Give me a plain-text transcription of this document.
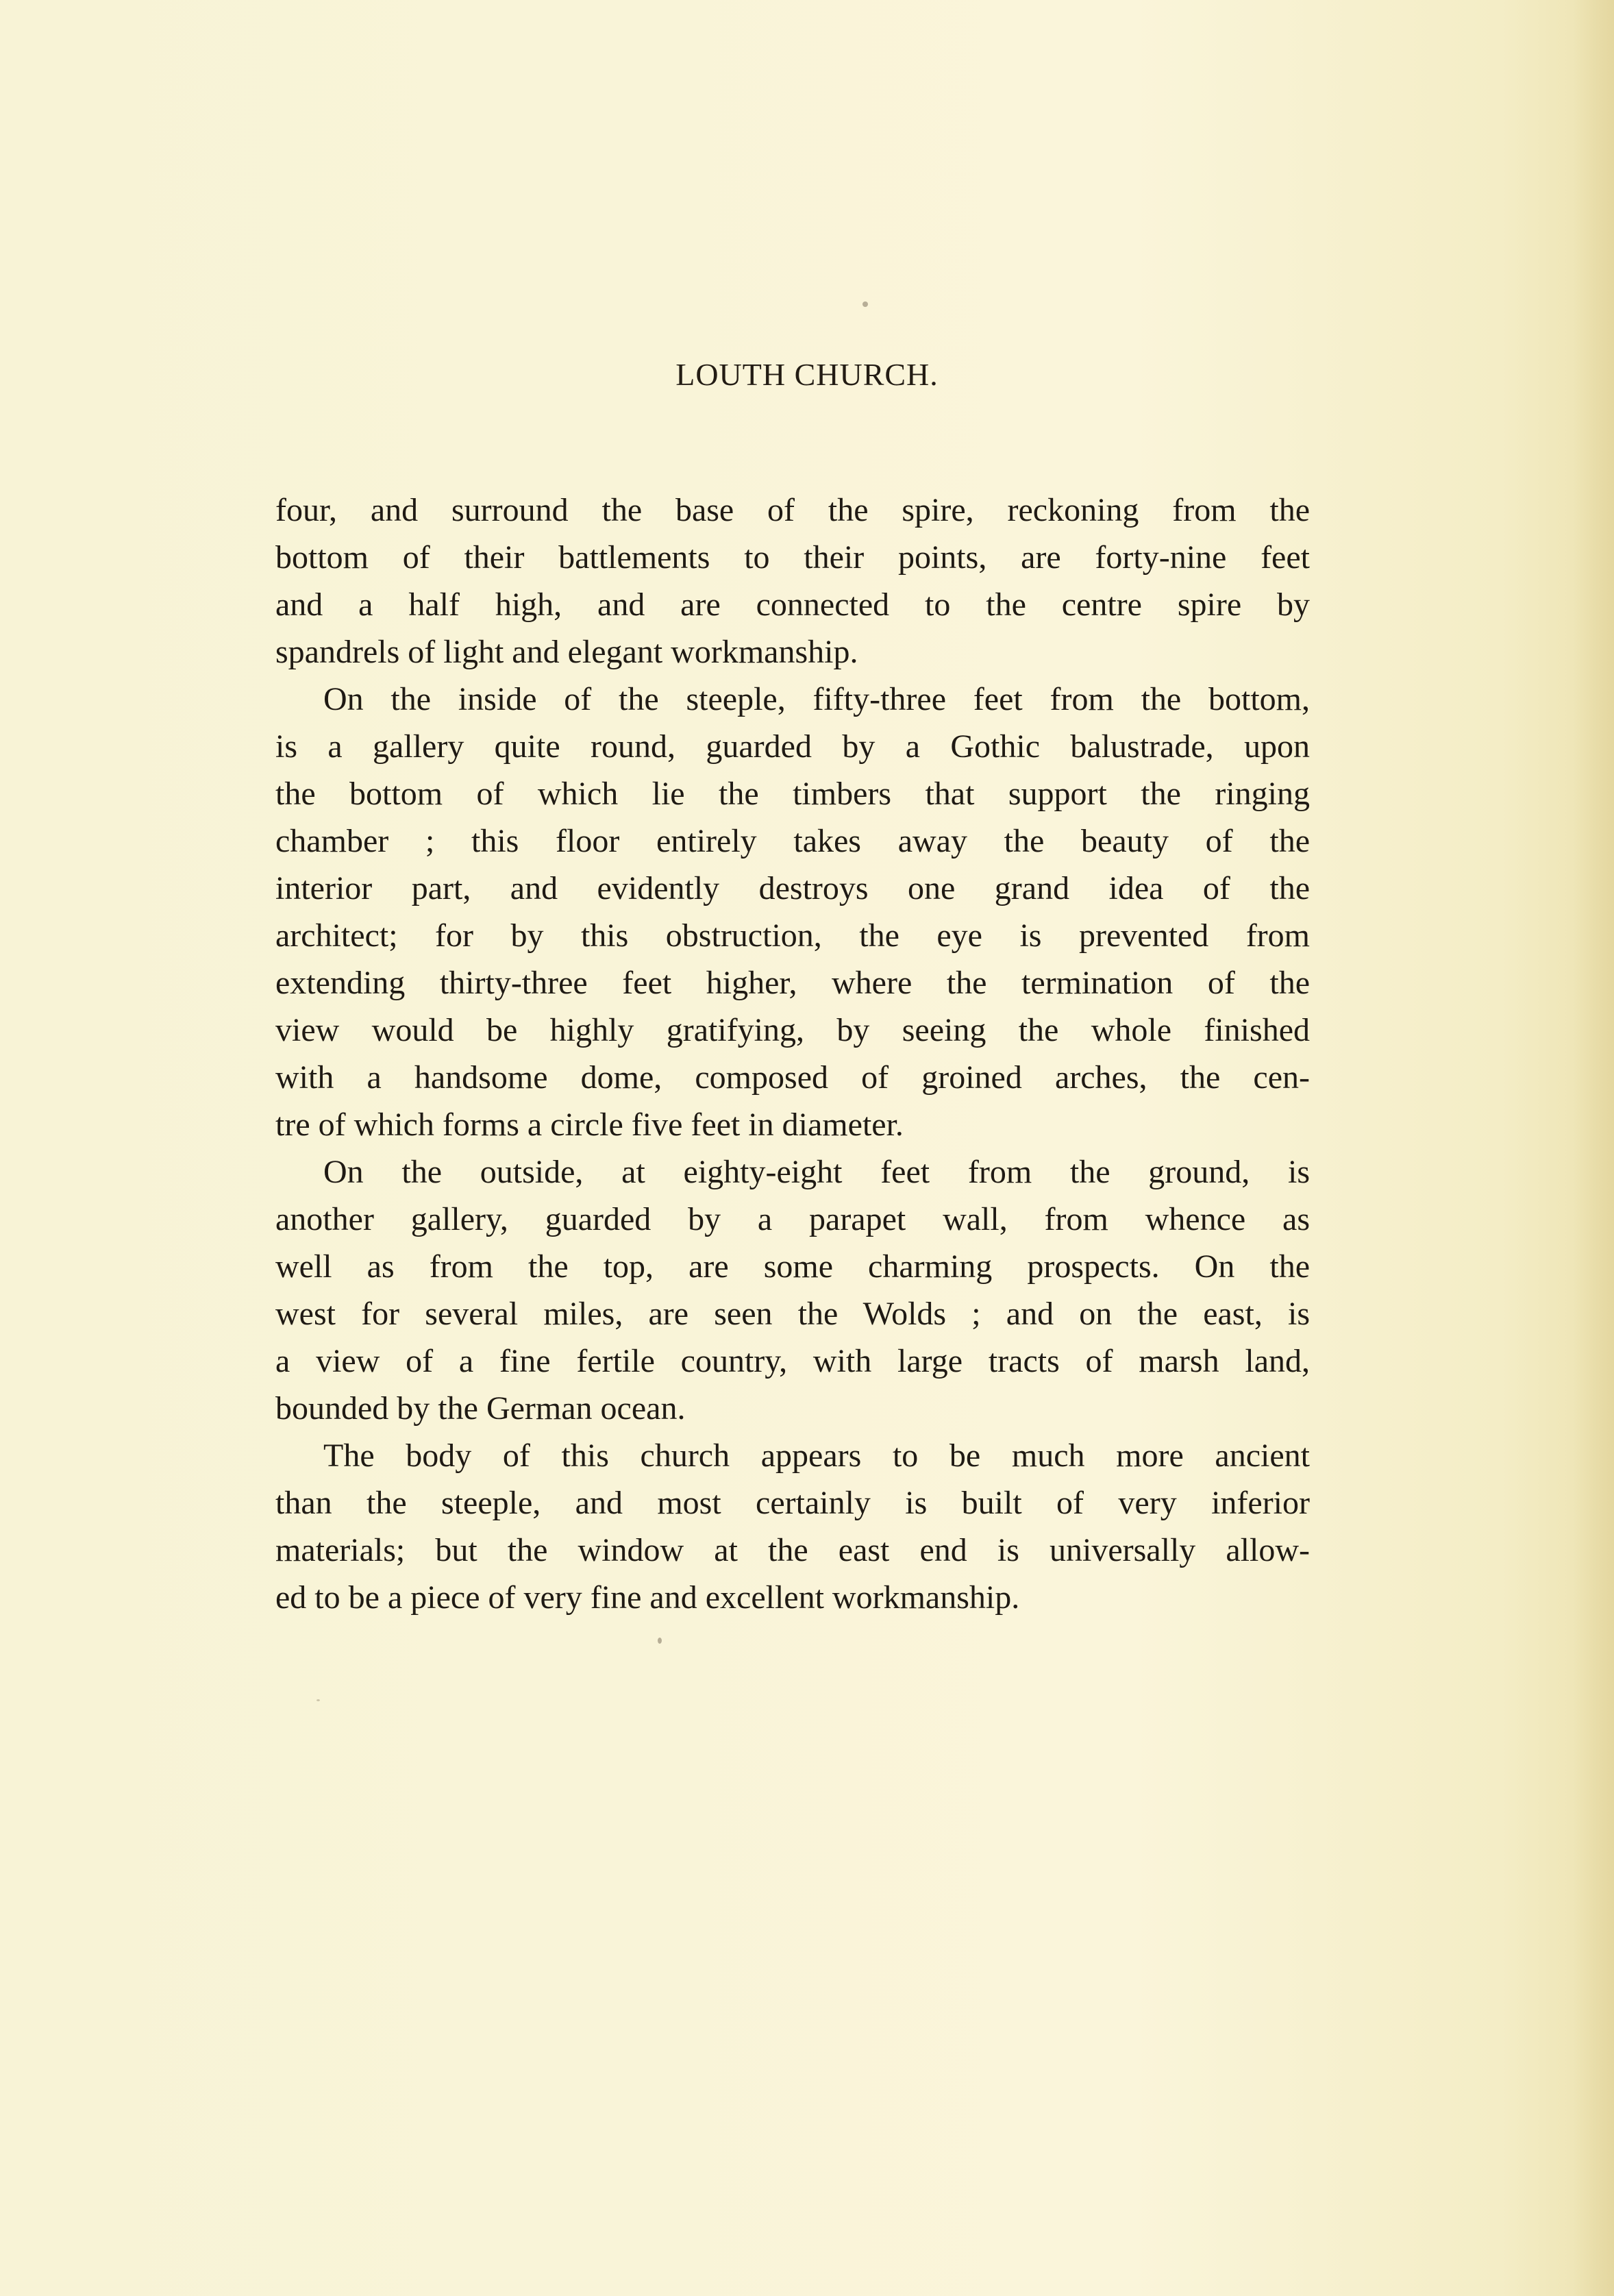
LOUTH CHURCH.
four, and surround the base of the spire, reckoning from the
bottom of their battlements to their points, are forty-nine feet
and a half high, and are connected to the centre spire by
spandrels of light and elegant workmanship.
On the inside of the steeple, fifty-three feet from the bottom,
is a gallery quite round, guarded by a Gothic balustrade, upon
the bottom of which lie the timbers that support the ringing
chamber ; this floor entirely takes away the beauty of the
interior part, and evidently destroys one grand idea of the
architect; for by this obstruction, the eye is prevented from
extending thirty-three feet higher, where the termination of the
view would be highly gratifying, by seeing the whole finished
with a handsome dome, composed of groined arches, the cen-
tre of which forms a circle five feet in diameter.
On the outside, at eighty-eight feet from the ground, is
another gallery, guarded by a parapet wall, from whence as
well as from the top, are some charming prospects. On the
west for several miles, are seen the Wolds ; and on the east, is
a view of a fine fertile country, with large tracts of marsh land,
bounded by the German ocean.
The body of this church appears to be much more ancient
than the steeple, and most certainly is built of very inferior
materials; but the window at the east end is universally allow-
ed to be a piece of very fine and excellent workmanship.
